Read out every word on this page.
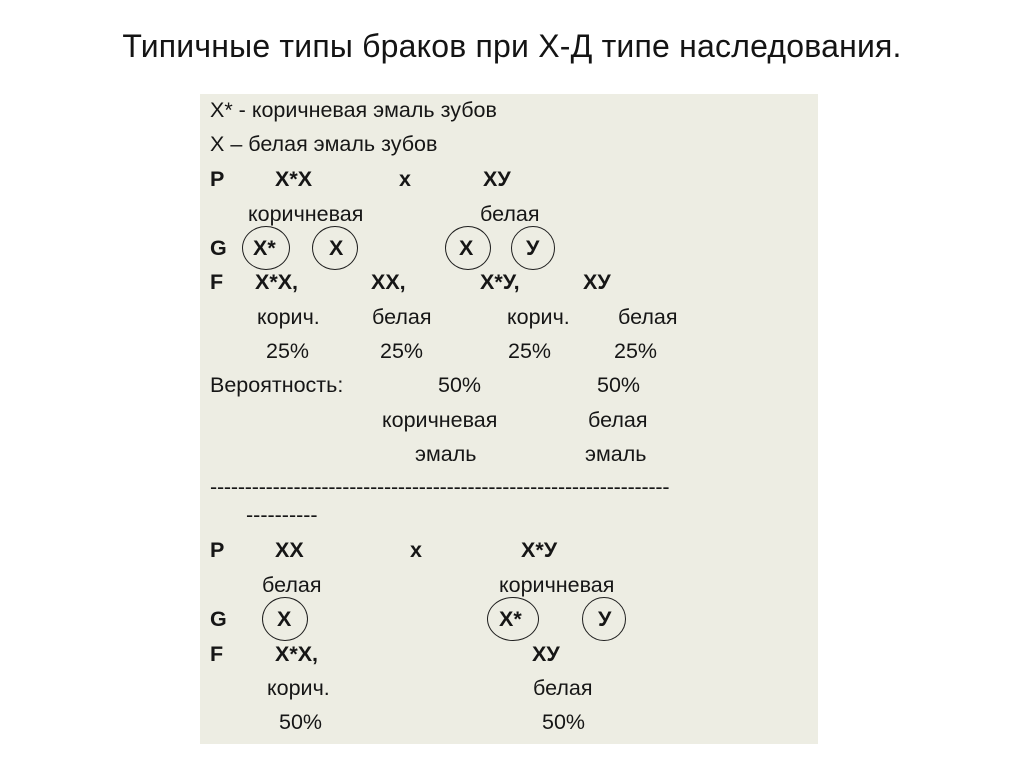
Типичные типы браков при Х-Д типе наследования.
Х* - коричневая эмаль зубов
Х – белая эмаль зубов
P Х*Х	х	ХУ
коричневая	белая
G Х* Х	Х У
F Х*Х,	ХХ,	Х*У,	ХУ
корич. белая	корич. белая
25%	25%	25%	25%
Вероятность:	50%	50%
коричневая	белая
эмаль	эмаль
------------------------------------------------------------------
----------
P ХХ	х	Х*У
белая	коричневая
G Х	Х*	У
F Х*Х,	ХУ
корич.	белая
50%	50%
